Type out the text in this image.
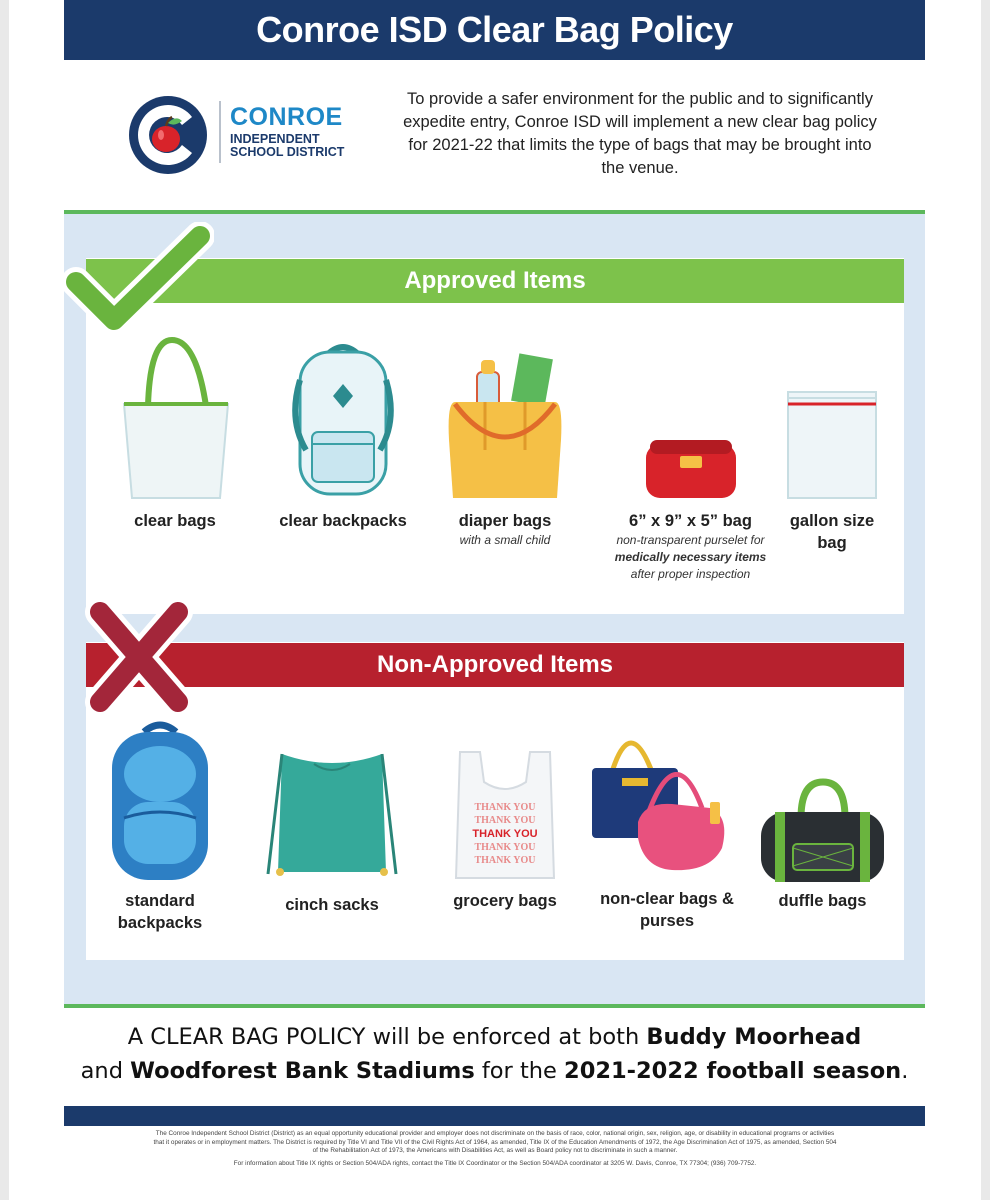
Conroe ISD Clear Bag Policy
CONROE
INDEPENDENT SCHOOL DISTRICT

To provide a safer environment for the public and to significantly expedite entry, Conroe ISD will implement a new clear bag policy for 2021-22 that limits the type of bags that may be brought into the venue.

Approved Items
Non-Approved Items
clear bags	clear backpacks	diaper bags
with a small child
6” x 9” x 5” bag
non-transparent purselet for medically necessary items after proper inspection
gallon size bag
standard backpacks
cinch sacks
THANK YOU
THANK YOU
THANK YOU
THANK YOU
THANK YOU
grocery bags	non-clear bags & purses
duffle bags
A CLEAR BAG POLICY will be enforced at both Buddy Moorhead
and Woodforest Bank Stadiums for the 2021-2022 football season.

The Conroe Independent School District (District) as an equal opportunity educational provider and employer does not discriminate on the basis of race, color, national origin, sex, religion, age, or disability in educational programs or activities that it operates or in employment matters. The District is required by Title VI and Title VII of the Civil Rights Act of 1964, as amended, Title IX of the Education Amendments of 1972, the Age Discrimination Act of 1975, as amended, Section 504 of the Rehabilitation Act of 1973, the Americans with Disabilities Act, as well as Board policy not to discriminate in such a manner.

For information about Title IX rights or Section 504/ADA rights, contact the Title IX Coordinator or the Section 504/ADA coordinator at 3205 W. Davis, Conroe, TX 77304; (936) 709-7752.
